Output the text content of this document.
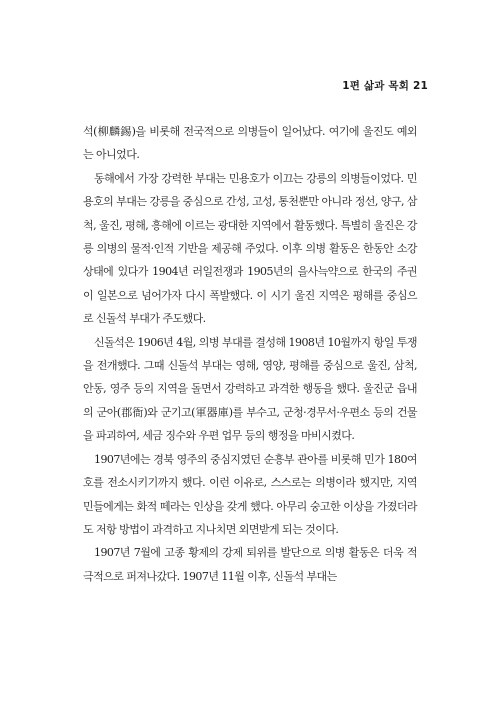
1편 삶과 목회 21

석(柳麟錫)을 비롯해 전국적으로 의병들이 일어났다. 여기에 울진도 예외는 아니었다.

동해에서 가장 강력한 부대는 민용호가 이끄는 강릉의 의병들이었다. 민용호의 부대는 강릉을 중심으로 간성, 고성, 통천뿐만 아니라 정선, 양구, 삼척, 울진, 평해, 흥해에 이르는 광대한 지역에서 활동했다. 특별히 울진은 강릉 의병의 물적·인적 기반을 제공해 주었다. 이후 의병 활동은 한동안 소강상태에 있다가 1904년 러일전쟁과 1905년의 을사늑약으로 한국의 주권이 일본으로 넘어가자 다시 폭발했다. 이 시기 울진 지역은 평해를 중심으로 신돌석 부대가 주도했다.

신돌석은 1906년 4월, 의병 부대를 결성해 1908년 10월까지 항일 투쟁을 전개했다. 그때 신돌석 부대는 영해, 영양, 평해를 중심으로 울진, 삼척, 안동, 영주 등의 지역을 돌면서 강력하고 과격한 행동을 했다. 울진군 읍내의 군아(郡衙)와 군기고(軍器庫)를 부수고, 군청·경무서·우편소 등의 건물을 파괴하여, 세금 징수와 우편 업무 등의 행정을 마비시켰다.

1907년에는 경북 영주의 중심지였던 순흥부 관아를 비롯해 민가 180여 호를 전소시키기까지 했다. 이런 이유로, 스스로는 의병이라 했지만, 지역민들에게는 화적 떼라는 인상을 갖게 했다. 아무리 숭고한 이상을 가졌더라도 저항 방법이 과격하고 지나치면 외면받게 되는 것이다.

1907년 7월에 고종 황제의 강제 퇴위를 발단으로 의병 활동은 더욱 적극적으로 퍼져나갔다. 1907년 11월 이후, 신돌석 부대는
